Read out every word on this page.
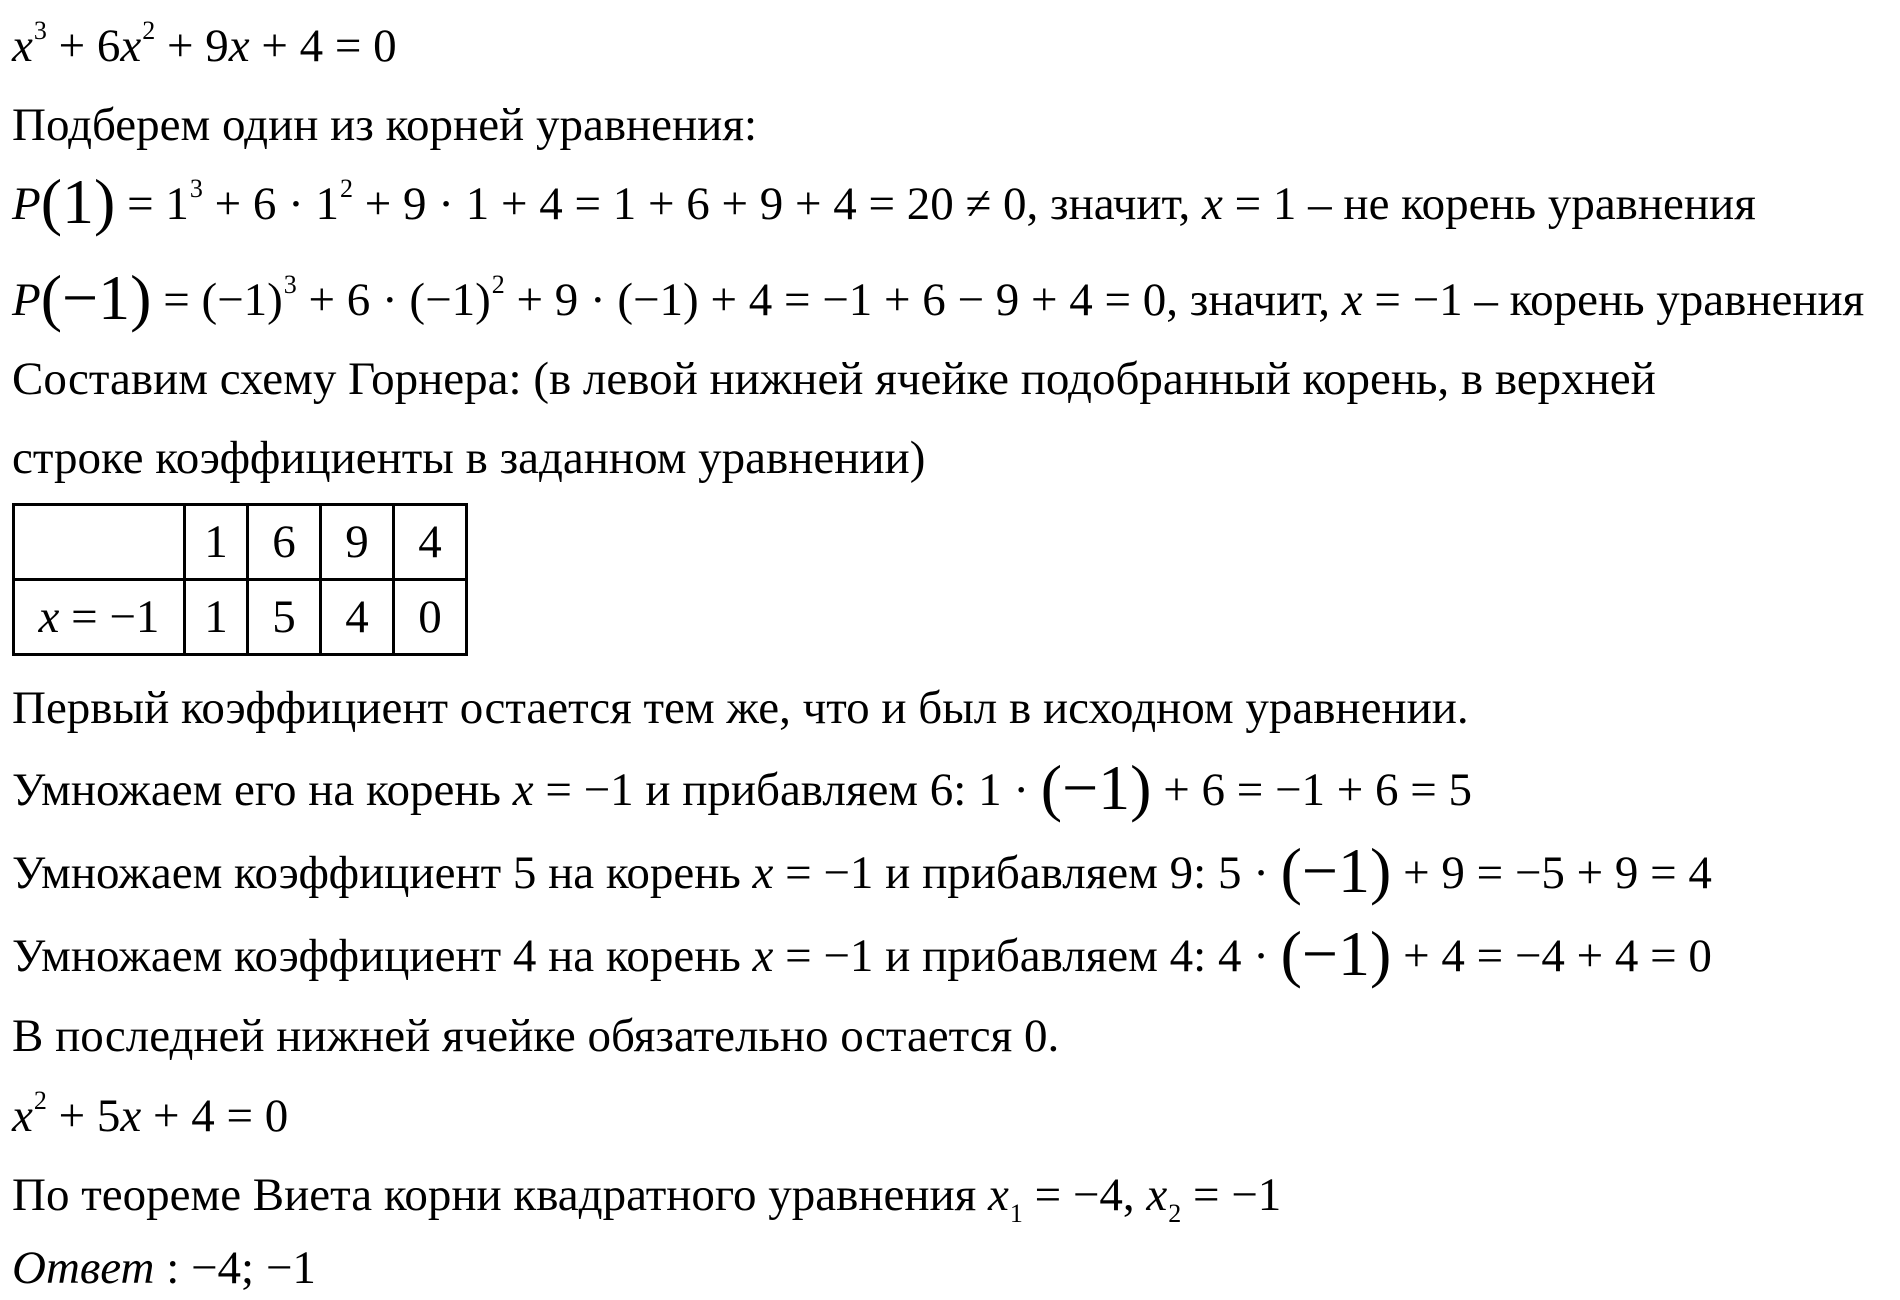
$x^3 + 6x^2 + 9x + 4 = 0$
Подберем один из корней уравнения:
$P(1) = 1^3 + 6 \cdot 1^2 + 9 \cdot 1 + 4 = 1 + 6 + 9 + 4 = 20 \ne 0$, значит, x = 1 – не корень уравнения
$P(-1) = (-1)^3 + 6 \cdot (-1)^2 + 9 \cdot (-1) + 4 = -1 + 6 - 9 + 4 = 0$, значит, x = −1 – корень уравнения
Составим схему Горнера: (в левой нижней ячейке подобранный корень, в верхней
строке коэффициенты в заданном уравнении)
	1	6	9	4
x = −1	1	5	4	0
Первый коэффициент остается тем же, что и был в исходном уравнении.
Умножаем его на корень x = −1 и прибавляем 6: 1 · (−1) + 6 = −1 + 6 = 5
Умножаем коэффициент 5 на корень x = −1 и прибавляем 9: 5 · (−1) + 9 = −5 + 9 = 4
Умножаем коэффициент 4 на корень x = −1 и прибавляем 4: 4 · (−1) + 4 = −4 + 4 = 0
В последней нижней ячейке обязательно остается 0.
$x^2 + 5x + 4 = 0$
По теореме Виета корни квадратного уравнения $x_1 = -4$, $x_2 = -1$
Ответ : −4; −1
